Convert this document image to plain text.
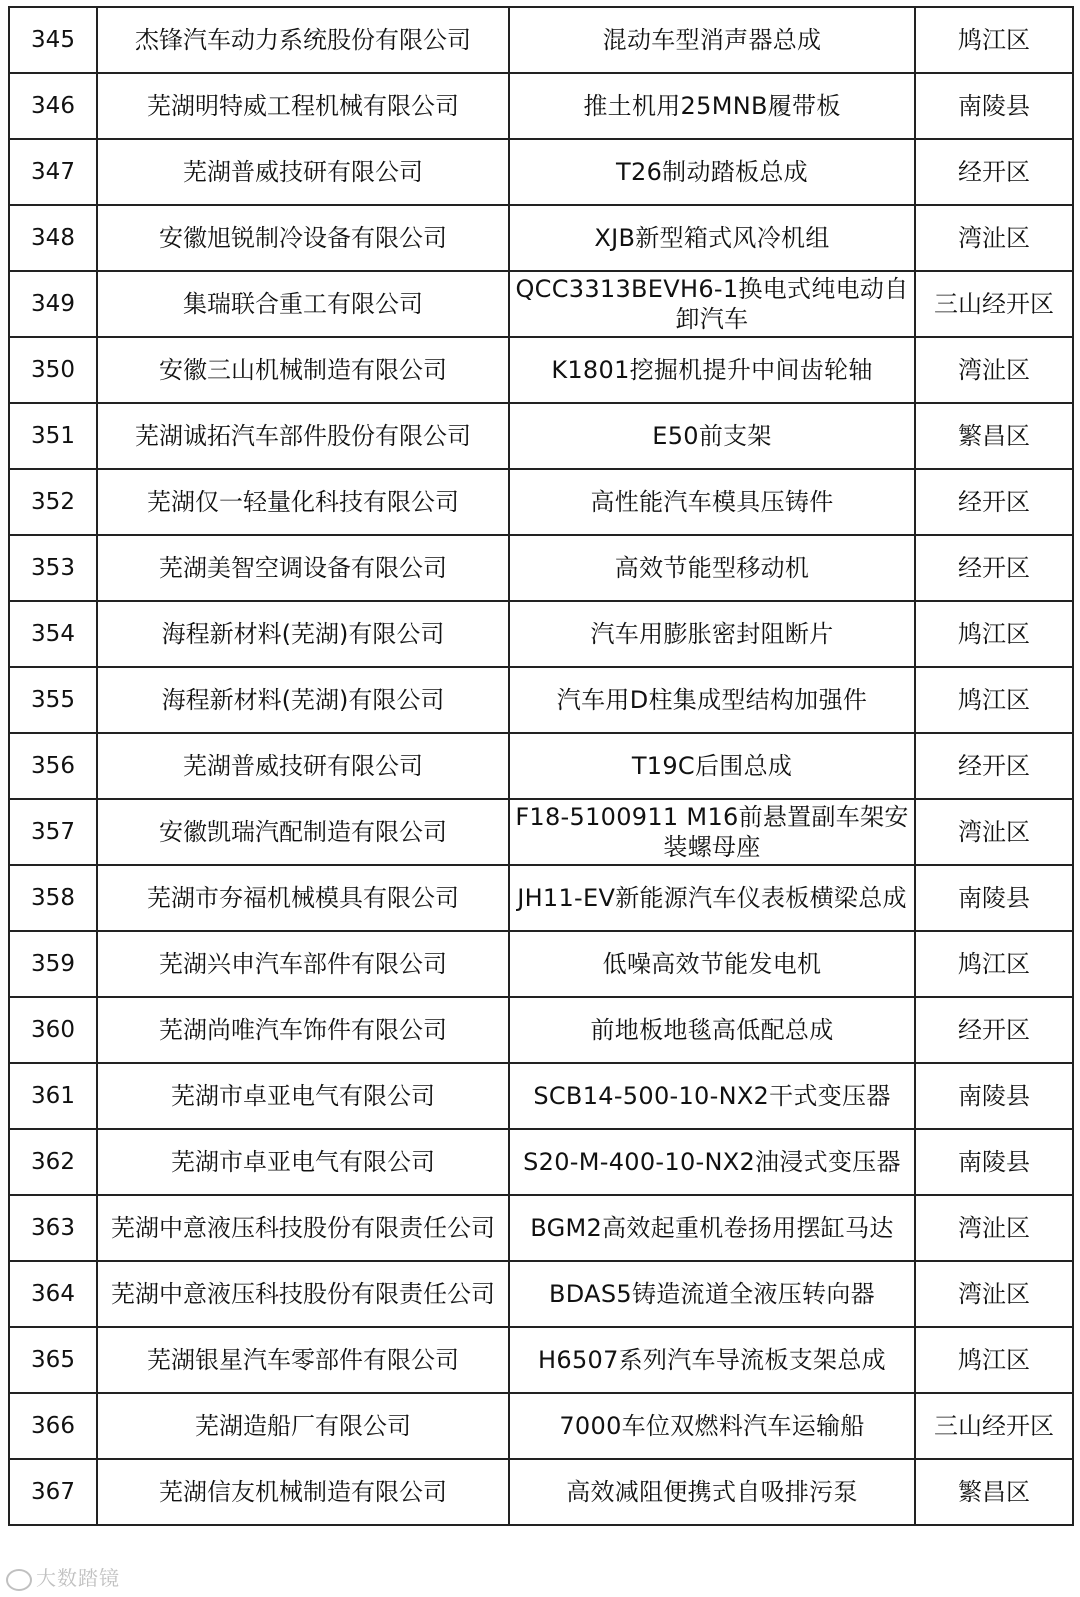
345	杰锋汽车动力系统股份有限公司	混动车型消声器总成	鸠江区
346	芜湖明特威工程机械有限公司	推土机用25MNB履带板	南陵县
347	芜湖普威技研有限公司	T26制动踏板总成	经开区
348	安徽旭锐制冷设备有限公司	XJB新型箱式风冷机组	湾沚区
349	集瑞联合重工有限公司	QCC3313BEVH6-1换电式纯电动自卸汽车	三山经开区
350	安徽三山机械制造有限公司	K1801挖掘机提升中间齿轮轴	湾沚区
351	芜湖诚拓汽车部件股份有限公司	E50前支架	繁昌区
352	芜湖仅一轻量化科技有限公司	高性能汽车模具压铸件	经开区
353	芜湖美智空调设备有限公司	高效节能型移动机	经开区
354	海程新材料(芜湖)有限公司	汽车用膨胀密封阻断片	鸠江区
355	海程新材料(芜湖)有限公司	汽车用D柱集成型结构加强件	鸠江区
356	芜湖普威技研有限公司	T19C后围总成	经开区
357	安徽凯瑞汽配制造有限公司	F18-5100911 M16前悬置副车架安装螺母座	湾沚区
358	芜湖市夯福机械模具有限公司	JH11-EV新能源汽车仪表板横梁总成	南陵县
359	芜湖兴申汽车部件有限公司	低噪高效节能发电机	鸠江区
360	芜湖尚唯汽车饰件有限公司	前地板地毯高低配总成	经开区
361	芜湖市卓亚电气有限公司	SCB14-500-10-NX2干式变压器	南陵县
362	芜湖市卓亚电气有限公司	S20-M-400-10-NX2油浸式变压器	南陵县
363	芜湖中意液压科技股份有限责任公司	BGM2高效起重机卷扬用摆缸马达	湾沚区
364	芜湖中意液压科技股份有限责任公司	BDAS5铸造流道全液压转向器	湾沚区
365	芜湖银星汽车零部件有限公司	H6507系列汽车导流板支架总成	鸠江区
366	芜湖造船厂有限公司	7000车位双燃料汽车运输船	三山经开区
367	芜湖信友机械制造有限公司	高效减阻便携式自吸排污泵	繁昌区
大数踏镜
